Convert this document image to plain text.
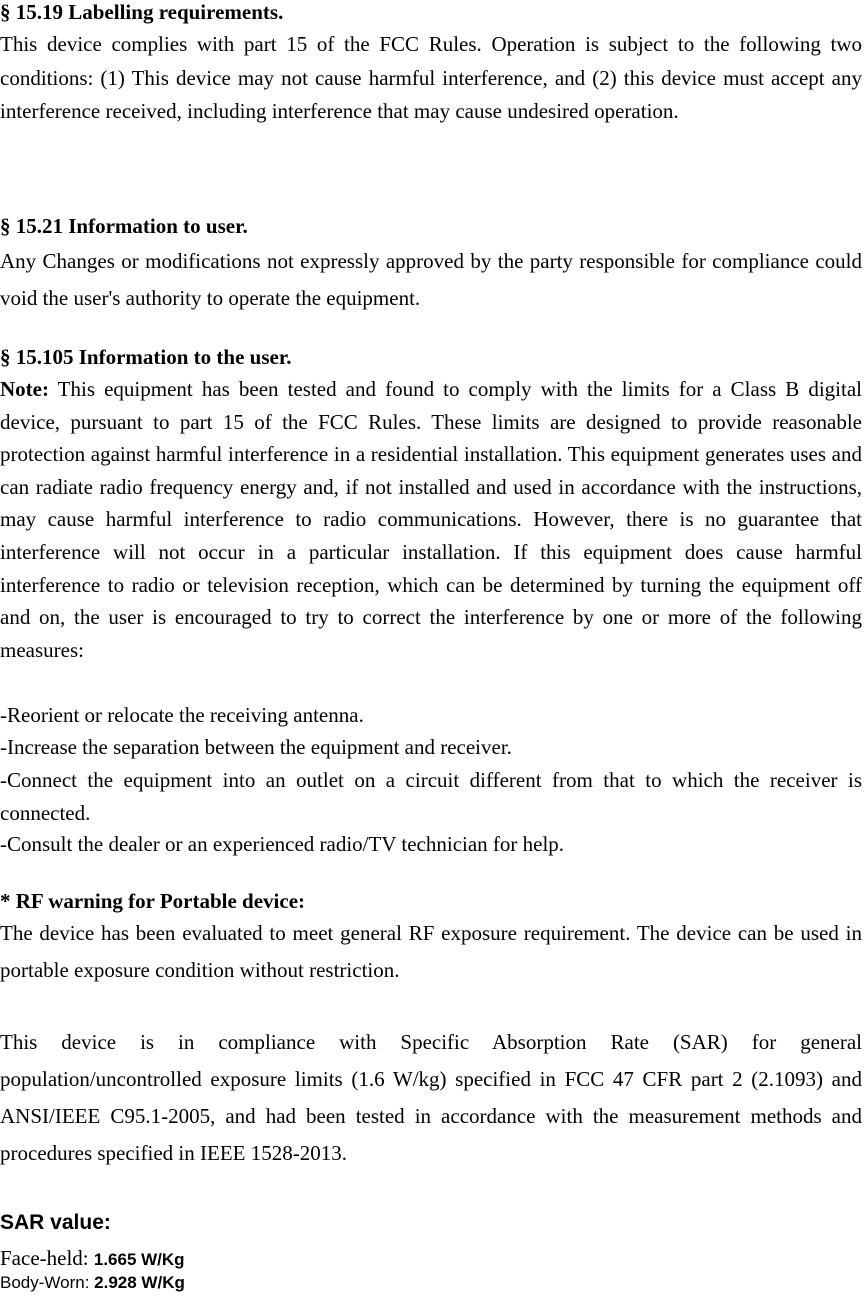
§ 15.19 Labelling requirements.

This device complies with part 15 of the FCC Rules. Operation is subject to the following two conditions: (1) This device may not cause harmful interference, and (2) this device must accept any interference received, including interference that may cause undesired operation.

§ 15.21 Information to user.

Any Changes or modifications not expressly approved by the party responsible for compliance could void the user's authority to operate the equipment.

§ 15.105 Information to the user.

Note: This equipment has been tested and found to comply with the limits for a Class B digital device, pursuant to part 15 of the FCC Rules. These limits are designed to provide reasonable protection against harmful interference in a residential installation. This equipment generates uses and can radiate radio frequency energy and, if not installed and used in accordance with the instructions, may cause harmful interference to radio communications. However, there is no guarantee that interference will not occur in a particular installation. If this equipment does cause harmful interference to radio or television reception, which can be determined by turning the equipment off and on, the user is encouraged to try to correct the interference by one or more of the following measures:

-Reorient or relocate the receiving antenna.
-Increase the separation between the equipment and receiver.

-Connect the equipment into an outlet on a circuit different from that to which the receiver is connected.

-Consult the dealer or an experienced radio/TV technician for help.
* RF warning for Portable device:

The device has been evaluated to meet general RF exposure requirement. The device can be used in portable exposure condition without restriction.

This device is in compliance with Specific Absorption Rate (SAR) for general population/uncontrolled exposure limits (1.6 W/kg) specified in FCC 47 CFR part 2 (2.1093) and ANSI/IEEE C95.1-2005, and had been tested in accordance with the measurement methods and procedures specified in IEEE 1528-2013.

SAR value:
Face-held: 1.665 W/Kg
Body-Worn: 2.928 W/Kg
